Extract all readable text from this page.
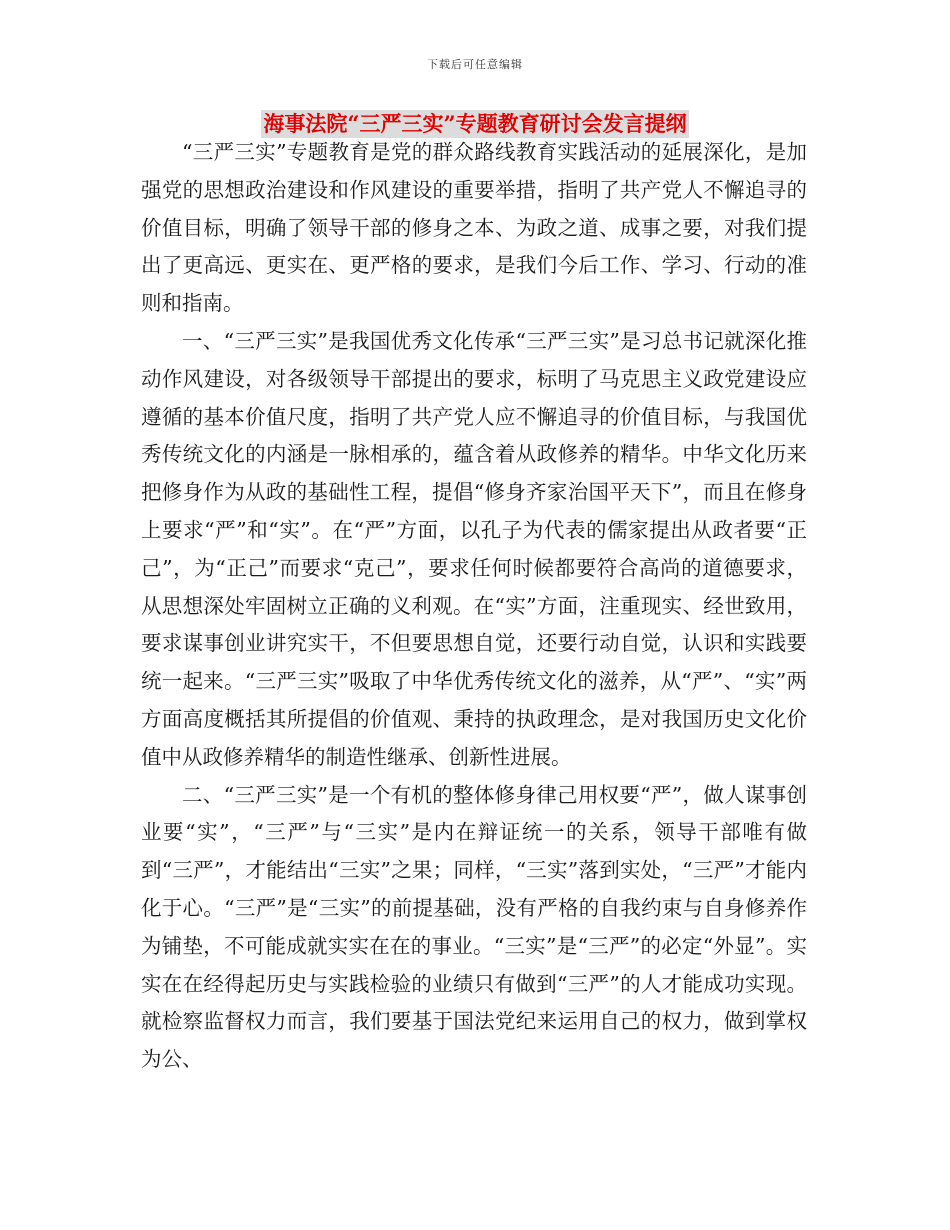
下载后可任意编辑
海事法院“三严三实”专题教育研讨会发言提纲

“三严三实”专题教育是党的群众路线教育实践活动的延展深化，是加强党的思想政治建设和作风建设的重要举措，指明了共产党人不懈追寻的价值目标，明确了领导干部的修身之本、为政之道、成事之要，对我们提出了更高远、更实在、更严格的要求，是我们今后工作、学习、行动的准则和指南。

一、“三严三实”是我国优秀文化传承“三严三实”是习总书记就深化推动作风建设，对各级领导干部提出的要求，标明了马克思主义政党建设应遵循的基本价值尺度，指明了共产党人应不懈追寻的价值目标，与我国优秀传统文化的内涵是一脉相承的，蕴含着从政修养的精华。中华文化历来把修身作为从政的基础性工程，提倡“修身齐家治国平天下”，而且在修身上要求“严”和“实”。在“严”方面，以孔子为代表的儒家提出从政者要“正己”，为“正己”而要求“克己”，要求任何时候都要符合高尚的道德要求，从思想深处牢固树立正确的义利观。在“实”方面，注重现实、经世致用，要求谋事创业讲究实干，不但要思想自觉，还要行动自觉，认识和实践要统一起来。“三严三实”吸取了中华优秀传统文化的滋养，从“严”、“实”两方面高度概括其所提倡的价值观、秉持的执政理念，是对我国历史文化价值中从政修养精华的制造性继承、创新性进展。

二、“三严三实”是一个有机的整体修身律己用权要“严”，做人谋事创业要“实”，“三严”与“三实”是内在辩证统一的关系，领导干部唯有做到“三严”，才能结出“三实”之果；同样，“三实”落到实处，“三严”才能内化于心。“三严”是“三实”的前提基础，没有严格的自我约束与自身修养作为铺垫，不可能成就实实在在的事业。“三实”是“三严”的必定“外显”。实实在在经得起历史与实践检验的业绩只有做到“三严”的人才能成功实现。就检察监督权力而言，我们要基于国法党纪来运用自己的权力，做到掌权为公、
